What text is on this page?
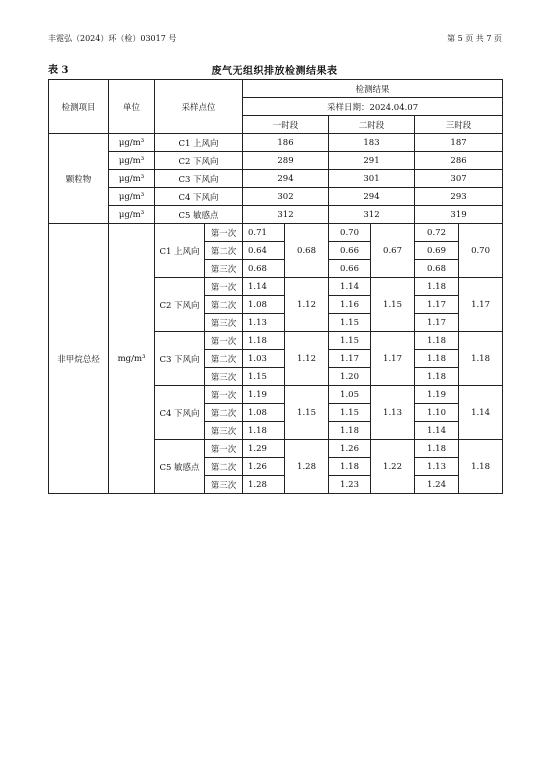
丰霓弘（2024）环（检）03017 号	第 5 页 共 7 页
表 3	废气无组织排放检测结果表
检测项目	单位	采样点位		检测结果					
				采样日期：2024.04.07					
				一时段		二时段		三时段	
颗粒物	μg/m³	C1 上风向		186		183		187	
	μg/m³	C2 下风向		289		291		286	
	μg/m³	C3 下风向		294		301		307	
	μg/m³	C4 下风向		302		294		293	
	μg/m³	C5 敏感点		312		312		319	
非甲烷总烃	mg/m³	C1 上风向	第一次	0.71	0.68	0.70	0.67	0.72	0.70
			第二次	0.64		0.66		0.69	
			第三次	0.68		0.66		0.68	
		C2 下风向	第一次	1.14	1.12	1.14	1.15	1.18	1.17
			第二次	1.08		1.16		1.17	
			第三次	1.13		1.15		1.17	
		C3 下风向	第一次	1.18	1.12	1.15	1.17	1.18	1.18
			第二次	1.03		1.17		1.18	
			第三次	1.15		1.20		1.18	
		C4 下风向	第一次	1.19	1.15	1.05	1.13	1.19	1.14
			第二次	1.08		1.15		1.10	
			第三次	1.18		1.18		1.14	
		C5 敏感点	第一次	1.29	1.28	1.26	1.22	1.18	1.18
			第二次	1.26		1.18		1.13	
			第三次	1.28		1.23		1.24	
